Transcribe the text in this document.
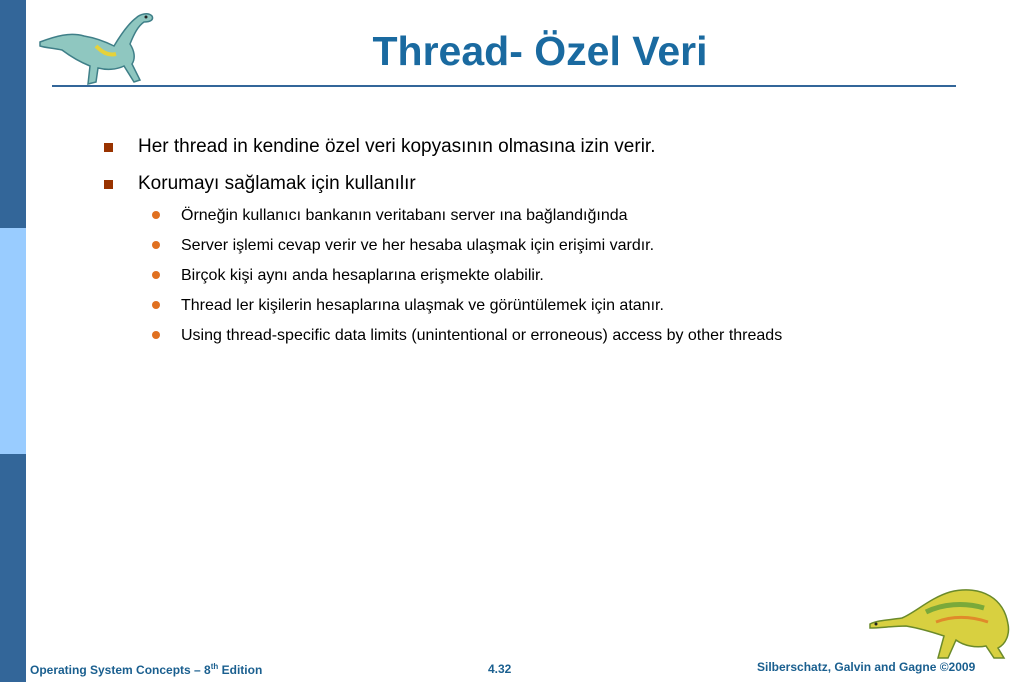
Thread- Özel Veri
Her thread in kendine özel veri kopyasının olmasına izin verir.
Korumayı sağlamak için kullanılır
Örneğin kullanıcı bankanın veritabanı server ına bağlandığında
Server işlemi cevap verir ve her hesaba ulaşmak için erişimi vardır.
Birçok kişi aynı anda hesaplarına erişmekte olabilir.
Thread ler kişilerin hesaplarına ulaşmak ve görüntülemek için atanır.
Using thread-specific data limits (unintentional or erroneous) access by other threads
Operating System Concepts – 8th Edition	4.32	Silberschatz, Galvin and Gagne ©2009
